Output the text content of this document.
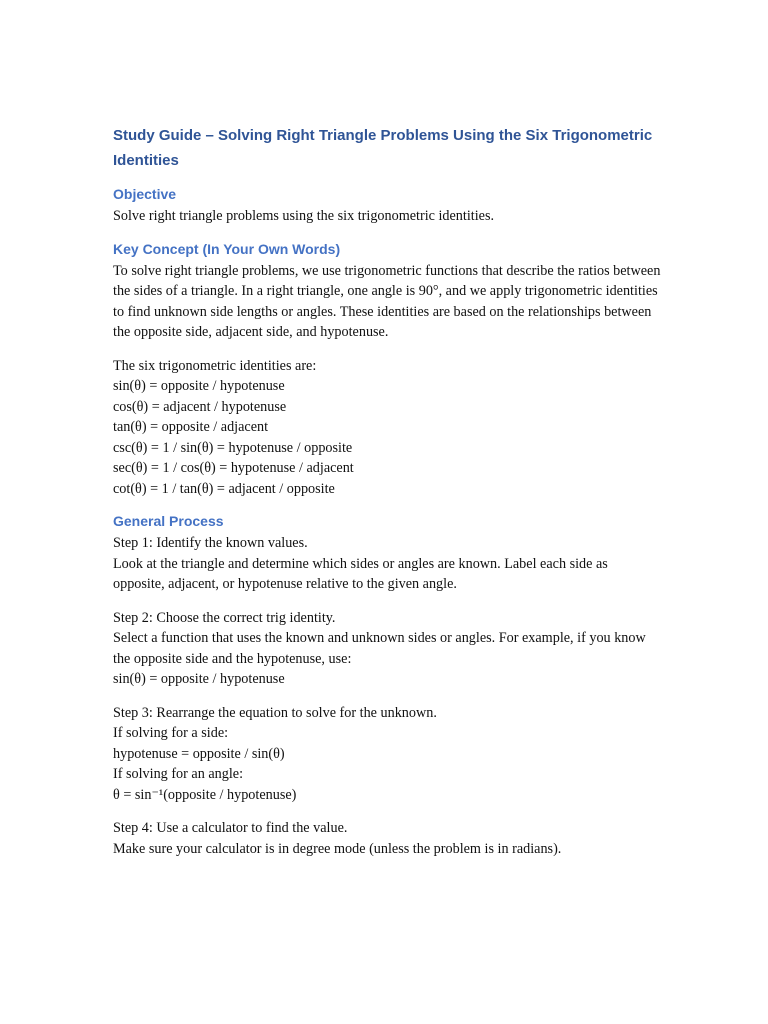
Study Guide – Solving Right Triangle Problems Using the Six Trigonometric Identities
Objective

Solve right triangle problems using the six trigonometric identities.

Key Concept (In Your Own Words)

To solve right triangle problems, we use trigonometric functions that describe the ratios between the sides of a triangle. In a right triangle, one angle is 90°, and we apply trigonometric identities to find unknown side lengths or angles. These identities are based on the relationships between the opposite side, adjacent side, and hypotenuse.

The six trigonometric identities are:
sin(θ) = opposite / hypotenuse
cos(θ) = adjacent / hypotenuse
tan(θ) = opposite / adjacent
csc(θ) = 1 / sin(θ) = hypotenuse / opposite
sec(θ) = 1 / cos(θ) = hypotenuse / adjacent
cot(θ) = 1 / tan(θ) = adjacent / opposite

General Process

Step 1: Identify the known values.
Look at the triangle and determine which sides or angles are known. Label each side as opposite, adjacent, or hypotenuse relative to the given angle.

Step 2: Choose the correct trig identity.
Select a function that uses the known and unknown sides or angles. For example, if you know the opposite side and the hypotenuse, use:
sin(θ) = opposite / hypotenuse

Step 3: Rearrange the equation to solve for the unknown.
If solving for a side:
hypotenuse = opposite / sin(θ)
If solving for an angle:
θ = sin⁻¹(opposite / hypotenuse)

Step 4: Use a calculator to find the value.
Make sure your calculator is in degree mode (unless the problem is in radians).
